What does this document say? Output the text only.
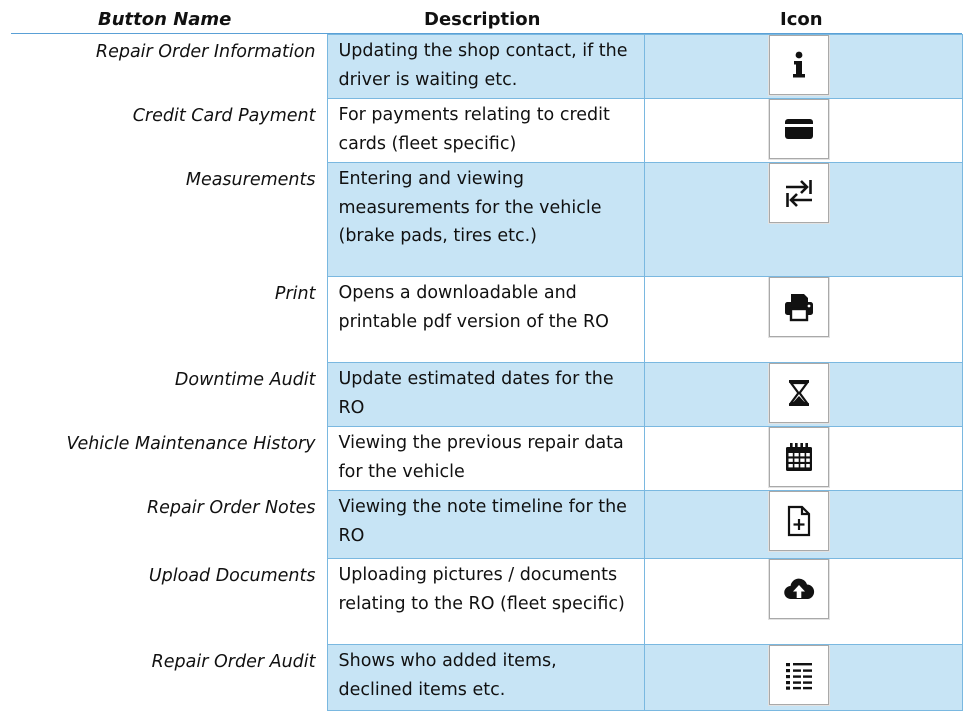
Button Name	Description	Icon
Repair Order Information	Updating the shop contact, if the driver is waiting etc.	

Credit Card Payment	For payments relating to credit cards (fleet specific)	

Measurements	Entering and viewing measurements for the vehicle (brake pads, tires etc.)	

Print	Opens a downloadable and printable pdf version of the RO	

Downtime Audit	Update estimated dates for the RO	

Vehicle Maintenance History	Viewing the previous repair data for the vehicle	

Repair Order Notes	Viewing the note timeline for the RO	

Upload Documents	Uploading pictures / documents relating to the RO (fleet specific)	

Repair Order Audit	Shows who added items, declined items etc.	
